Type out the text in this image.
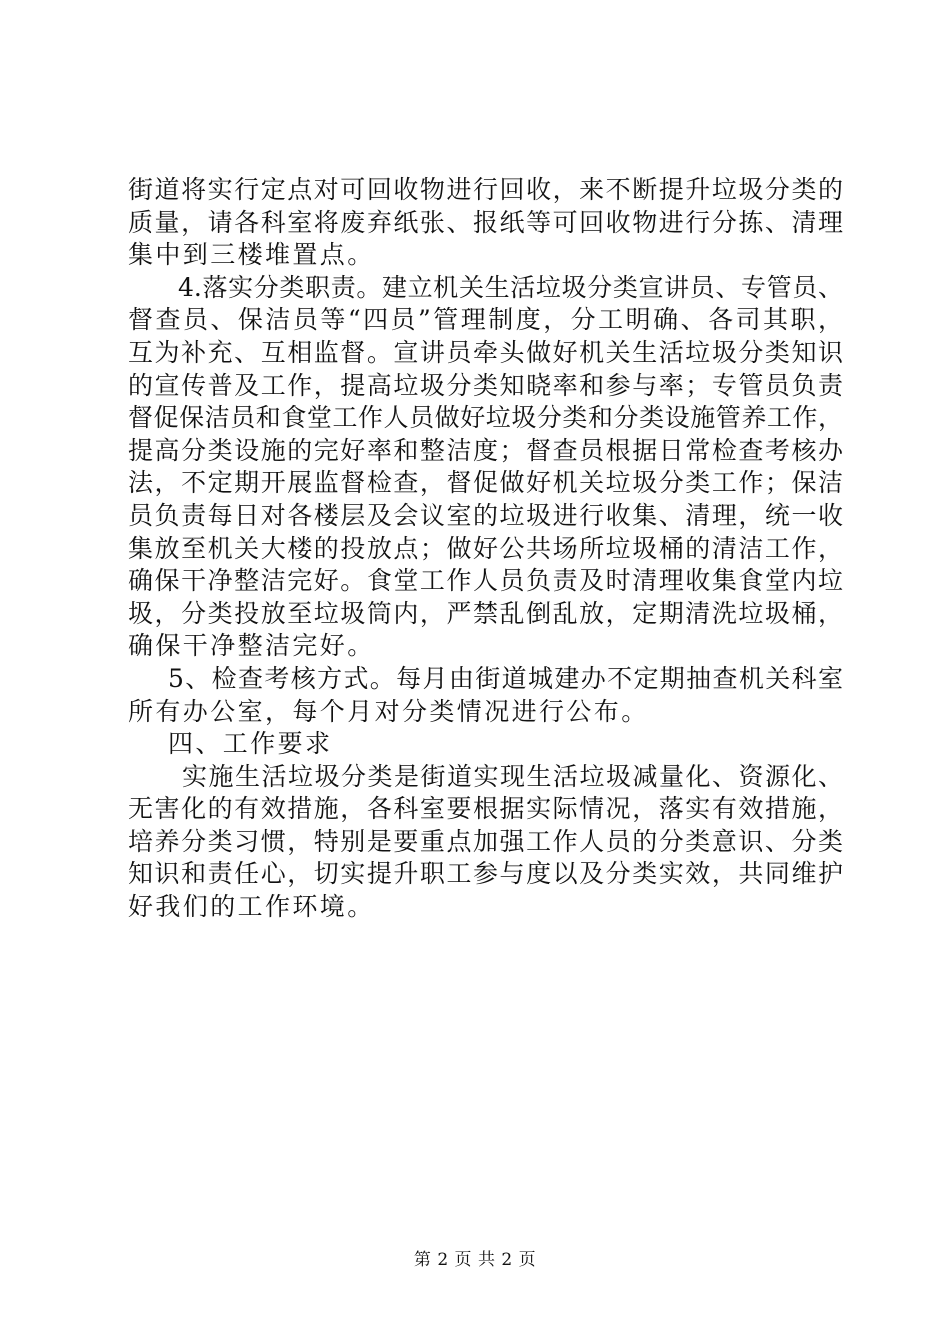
街道将实行定点对可回收物进行回收，来不断提升垃圾分类的
质量，请各科室将废弃纸张、报纸等可回收物进行分拣、清理
集中到三楼堆置点。
4.落实分类职责。建立机关生活垃圾分类宣讲员、专管员、
督查员、保洁员等“四员”管理制度，分工明确、各司其职，
互为补充、互相监督。宣讲员牵头做好机关生活垃圾分类知识
的宣传普及工作，提高垃圾分类知晓率和参与率；专管员负责
督促保洁员和食堂工作人员做好垃圾分类和分类设施管养工作，
提高分类设施的完好率和整洁度；督查员根据日常检查考核办
法，不定期开展监督检查，督促做好机关垃圾分类工作；保洁
员负责每日对各楼层及会议室的垃圾进行收集、清理，统一收
集放至机关大楼的投放点；做好公共场所垃圾桶的清洁工作，
确保干净整洁完好。食堂工作人员负责及时清理收集食堂内垃
圾，分类投放至垃圾筒内，严禁乱倒乱放，定期清洗垃圾桶，
确保干净整洁完好。
5、检查考核方式。每月由街道城建办不定期抽查机关科室
所有办公室，每个月对分类情况进行公布。
四、工作要求
实施生活垃圾分类是街道实现生活垃圾减量化、资源化、
无害化的有效措施，各科室要根据实际情况，落实有效措施，
培养分类习惯，特别是要重点加强工作人员的分类意识、分类
知识和责任心，切实提升职工参与度以及分类实效，共同维护
好我们的工作环境。
第 2 页 共 2 页
